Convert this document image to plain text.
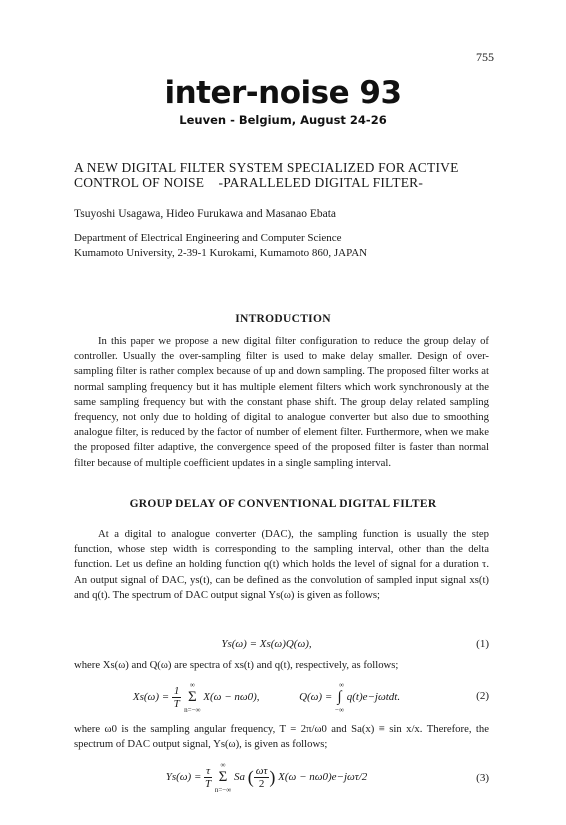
755
inter-noise 93
Leuven - Belgium, August 24-26
A NEW DIGITAL FILTER SYSTEM SPECIALIZED FOR ACTIVE
CONTROL OF NOISE    -PARALLELED DIGITAL FILTER-
Tsuyoshi Usagawa, Hideo Furukawa and Masanao Ebata
Department of Electrical Engineering and Computer Science
Kumamoto University, 2-39-1 Kurokami, Kumamoto 860, JAPAN
INTRODUCTION

In this paper we propose a new digital filter configuration to reduce the group delay of controller. Usually the over-sampling filter is used to make delay smaller. Design of over-sampling filter is rather complex because of up and down sampling. The proposed filter works at normal sampling frequency but it has multiple element filters which work synchronously at the same sampling frequency but with the constant phase shift. The group delay related sampling frequency, not only due to holding of digital to analogue converter but also due to smoothing analogue filter, is reduced by the factor of number of element filter. Furthermore, when we make the proposed filter adaptive, the convergence speed of the proposed filter is faster than normal filter because of multiple coefficient updates in a single sampling interval.

GROUP DELAY OF CONVENTIONAL DIGITAL FILTER

At a digital to analogue converter (DAC), the sampling function is usually the step function, whose step width is corresponding to the sampling interval, other than the delta function. Let us define an holding function q(t) which holds the level of signal for a duration τ. An output signal of DAC, ys(t), can be defined as the convolution of sampled input signal xs(t) and q(t). The spectrum of DAC output signal Ys(ω) is given as follows;

Ys(ω) = Xs(ω)Q(ω),	(1)

where Xs(ω) and Q(ω) are spectra of xs(t) and q(t), respectively, as follows;

$Xs(\omega) = \frac{1}{T}$
	∞
Σ
n=−∞
X(ω − nω0),	Q(ω) =
∞
∫
−∞
q(t)e−jωtdt.	(2)

where ω0 is the sampling angular frequency, T = 2π/ω0 and Sa(x) ≡ sin x/x. Therefore, the spectrum of DAC output signal, Ys(ω), is given as follows;

$Ys(\omega) = \frac{\tau}{T}$
	∞
Σ
n=−∞
Sa ( $\frac{\omega\tau}{2}$ ) X(ω − nω0)e−jωτ/2	(3)
